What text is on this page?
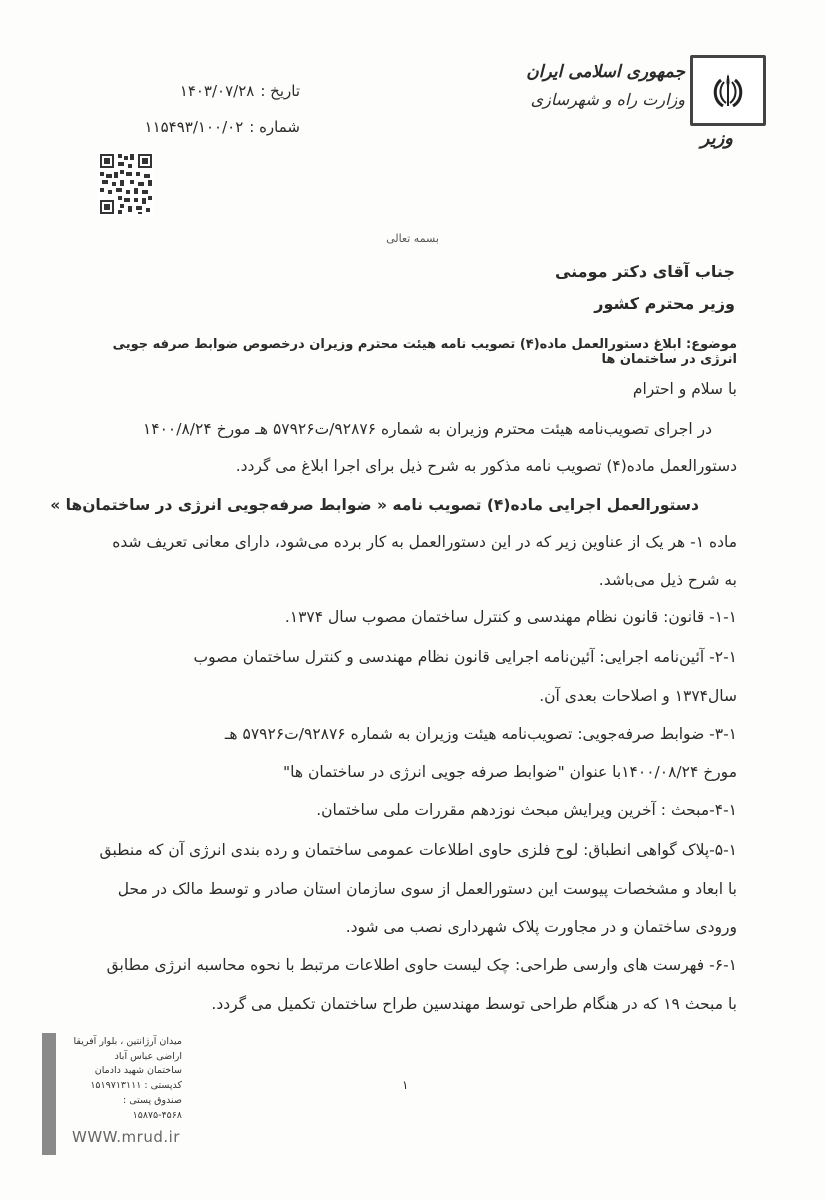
جمهوری اسلامی ایران
وزارت راه و شهرسازی
وزیر
تاریخ :
۱۴۰۳/۰۷/۲۸
شماره :
۱۱۵۴۹۳/۱۰۰/۰۲
بسمه تعالی
جناب آقای دکتر مومنی
وزیر محترم کشور
موضوع: ابلاغ دستورالعمل ماده(۴) تصویب نامه هیئت محترم وزیران درخصوص ضوابط صرفه جویی انرژی در ساختمان ها
با سلام و احترام
در اجرای تصویب‌نامه هیئت محترم وزیران به شماره ۹۲۸۷۶/ت۵۷۹۲۶ هـ مورخ ۱۴۰۰/۸/۲۴
دستورالعمل ماده(۴) تصویب نامه مذکور به شرح ذیل برای اجرا ابلاغ می گردد.
دستورالعمل اجرایی ماده(۴) تصویب نامه « ضوابط صرفه‌جویی انرژی در ساختمان‌ها »
ماده ۱- هر یک از عناوین زیر که در این دستورالعمل به کار برده می‌شود، دارای معانی تعریف شده
به شرح ذیل می‌باشد.
۱-۱- قانون: قانون نظام مهندسی و کنترل ساختمان مصوب سال ۱۳۷۴.
۲-۱- آئین‌نامه اجرایی: آئین‌نامه اجرایی قانون نظام مهندسی و کنترل ساختمان مصوب
سال۱۳۷۴ و اصلاحات بعدی آن.
۳-۱- ضوابط صرفه‌جویی: تصویب‌نامه هیئت وزیران به شماره ۹۲۸۷۶/ت۵۷۹۲۶ هـ
مورخ ۱۴۰۰/۰۸/۲۴با عنوان "ضوابط صرفه جویی انرژی در ساختمان ها"
۴-۱-مبحث : آخرین ویرایش مبحث نوزدهم مقررات ملی ساختمان.
۵-۱-پلاک گواهی انطباق: لوح فلزی حاوی اطلاعات عمومی ساختمان و رده بندی انرژی آن که منطبق
با ابعاد و مشخصات پیوست این دستورالعمل از سوی سازمان استان صادر و توسط مالک در محل
ورودی ساختمان و در مجاورت پلاک شهرداری نصب می شود.
۶-۱- فهرست های وارسی طراحی: چک لیست حاوی اطلاعات مرتبط با نحوه محاسبه انرژی مطابق
با مبحث ۱۹ که در هنگام طراحی توسط مهندسین طراح ساختمان تکمیل می گردد.
۱
میدان آرژانتین ، بلوار آفریقا
اراضی عباس آباد
ساختمان شهید دادمان
کدپستی : ۱۵۱۹۷۱۳۱۱۱
صندوق پستی : ۴۵۶۸-۱۵۸۷۵
WWW.mrud.ir
